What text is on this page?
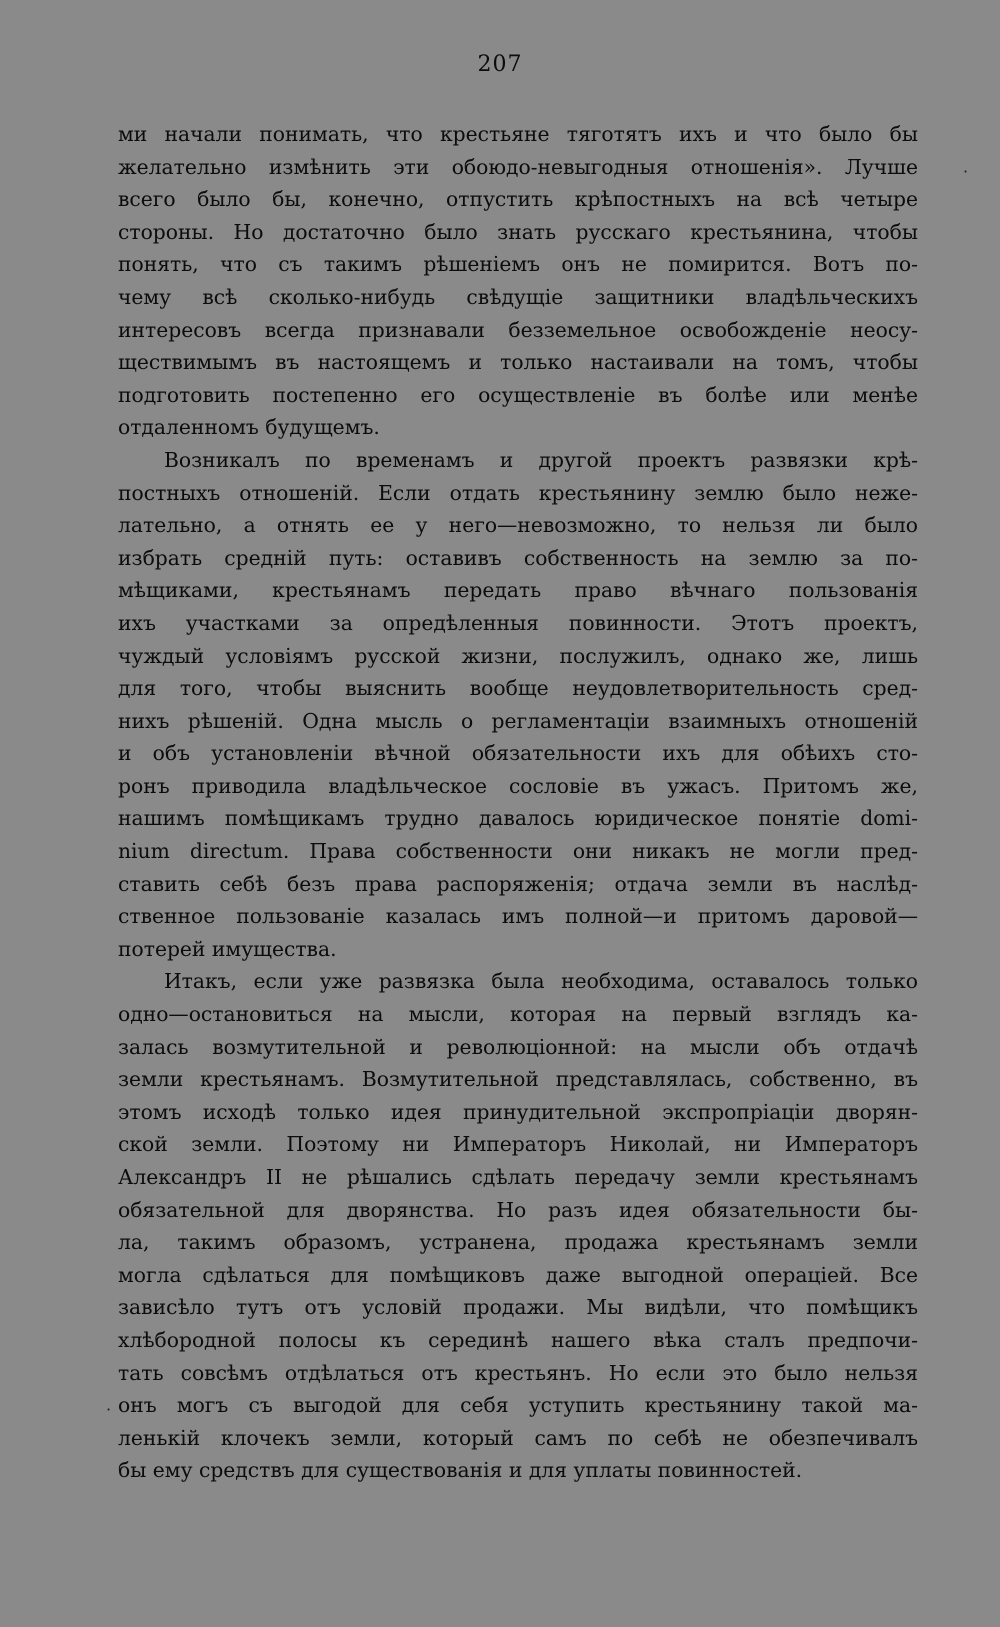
207
ми начали понимать, что крестьяне тяготятъ ихъ и что было бы
желательно измѣнить эти обоюдо-невыгодныя отношенія». Лучше
всего было бы, конечно, отпустить крѣпостныхъ на всѣ четыре
стороны. Но достаточно было знать русскаго крестьянина, чтобы
понять, что съ такимъ рѣшеніемъ онъ не помирится. Вотъ по-
чему всѣ сколько-нибудь свѣдущіе защитники владѣльческихъ
интересовъ всегда признавали безземельное освобожденіе неосу-
ществимымъ въ настоящемъ и только настаивали на томъ, чтобы
подготовить постепенно его осуществленіе въ болѣе или менѣе
отдаленномъ будущемъ.
Возникалъ по временамъ и другой проектъ развязки крѣ-
постныхъ отношеній. Если отдать крестьянину землю было неже-
лательно, а отнять ее у него—невозможно, то нельзя ли было
избрать средній путь: оставивъ собственность на землю за по-
мѣщиками, крестьянамъ передать право вѣчнаго пользованія
ихъ участками за опредѣленныя повинности. Этотъ проектъ,
чуждый условіямъ русской жизни, послужилъ, однако же, лишь
для того, чтобы выяснить вообще неудовлетворительность сред-
нихъ рѣшеній. Одна мысль о регламентаціи взаимныхъ отношеній
и объ установленіи вѣчной обязательности ихъ для обѣихъ сто-
ронъ приводила владѣльческое сословіе въ ужасъ. Притомъ же,
нашимъ помѣщикамъ трудно давалось юридическое понятіе domi-
nium directum. Права собственности они никакъ не могли пред-
ставить себѣ безъ права распоряженія; отдача земли въ наслѣд-
ственное пользованіе казалась имъ полной—и притомъ даровой—
потерей имущества.
Итакъ, если уже развязка была необходима, оставалось только
одно—остановиться на мысли, которая на первый взглядъ ка-
залась возмутительной и революціонной: на мысли объ отдачѣ
земли крестьянамъ. Возмутительной представлялась, собственно, въ
этомъ исходѣ только идея принудительной экспропріаціи дворян-
ской земли. Поэтому ни Императоръ Николай, ни Императоръ
Александръ II не рѣшались сдѣлать передачу земли крестьянамъ
обязательной для дворянства. Но разъ идея обязательности бы-
ла, такимъ образомъ, устранена, продажа крестьянамъ земли
могла сдѣлаться для помѣщиковъ даже выгодной операціей. Все
зависѣло тутъ отъ условій продажи. Мы видѣли, что помѣщикъ
хлѣбородной полосы къ серединѣ нашего вѣка сталъ предпочи-
тать совсѣмъ отдѣлаться отъ крестьянъ. Но если это было нельзя
онъ могъ съ выгодой для себя уступить крестьянину такой ма-
ленькій клочекъ земли, который самъ по себѣ не обезпечивалъ
бы ему средствъ для существованія и для уплаты повинностей.
·
·
